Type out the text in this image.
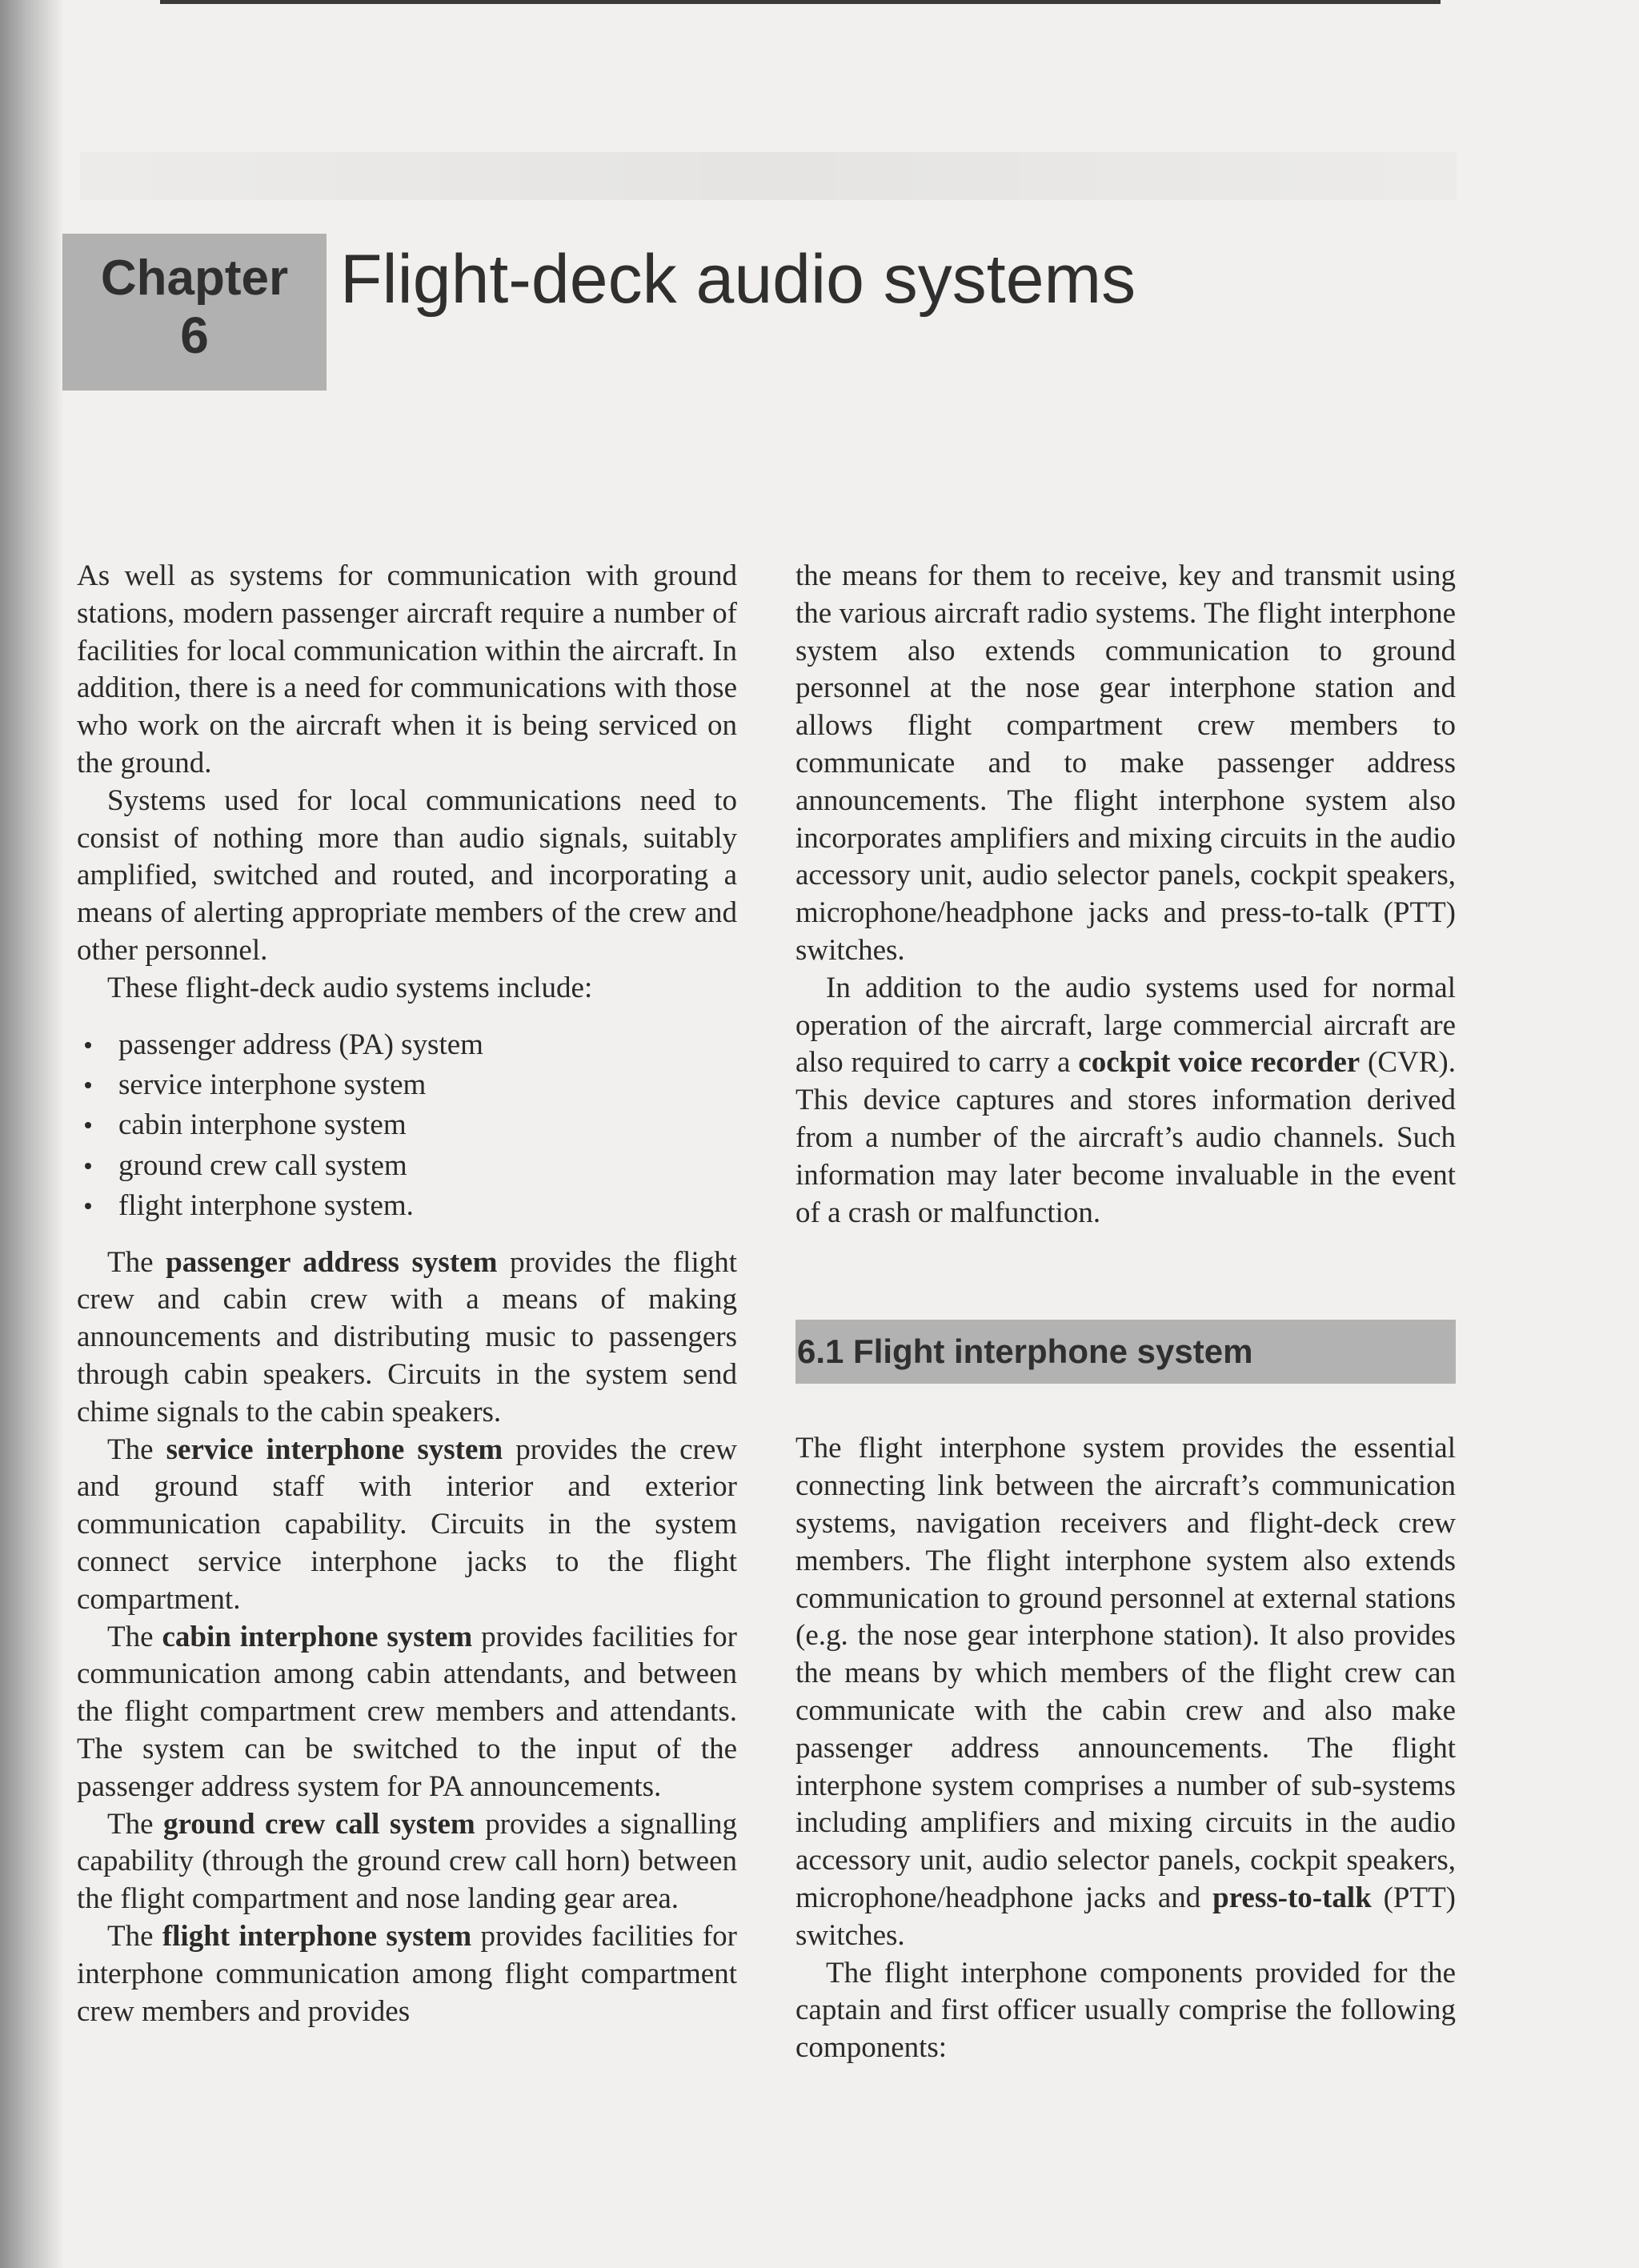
Chapter
6
Flight-deck audio systems

As well as systems for communication with ground stations, modern passenger aircraft require a number of facilities for local communication within the aircraft. In addition, there is a need for communications with those who work on the aircraft when it is being serviced on the ground.

Systems used for local communications need to consist of nothing more than audio signals, suitably amplified, switched and routed, and incorporating a means of alerting appropriate members of the crew and other personnel.

These flight-deck audio systems include:

passenger address (PA) system
service interphone system
cabin interphone system
ground crew call system
flight interphone system.

The passenger address system provides the flight crew and cabin crew with a means of making announcements and distributing music to passengers through cabin speakers. Circuits in the system send chime signals to the cabin speakers.

The service interphone system provides the crew and ground staff with interior and exterior communication capability. Circuits in the system connect service interphone jacks to the flight compartment.

The cabin interphone system provides facilities for communication among cabin attendants, and between the flight compartment crew members and attendants. The system can be switched to the input of the passenger address system for PA announcements.

The ground crew call system provides a signalling capability (through the ground crew call horn) between the flight compartment and nose landing gear area.

The flight interphone system provides facilities for interphone communication among flight compartment crew members and provides

the means for them to receive, key and transmit using the various aircraft radio systems. The flight interphone system also extends communication to ground personnel at the nose gear interphone station and allows flight compartment crew members to communicate and to make passenger address announcements. The flight interphone system also incorporates amplifiers and mixing circuits in the audio accessory unit, audio selector panels, cockpit speakers, microphone/headphone jacks and press-to-talk (PTT) switches.

In addition to the audio systems used for normal operation of the aircraft, large commercial aircraft are also required to carry a cockpit voice recorder (CVR). This device captures and stores information derived from a number of the aircraft’s audio channels. Such information may later become invaluable in the event of a crash or malfunction.

6.1 Flight interphone system

The flight interphone system provides the essential connecting link between the aircraft’s communication systems, navigation receivers and flight-deck crew members. The flight interphone system also extends communication to ground personnel at external stations (e.g. the nose gear interphone station). It also provides the means by which members of the flight crew can communicate with the cabin crew and also make passenger address announcements. The flight interphone system comprises a number of sub-systems including amplifiers and mixing circuits in the audio accessory unit, audio selector panels, cockpit speakers, microphone/headphone jacks and press-to-talk (PTT) switches.

The flight interphone components provided for the captain and first officer usually comprise the following components:
